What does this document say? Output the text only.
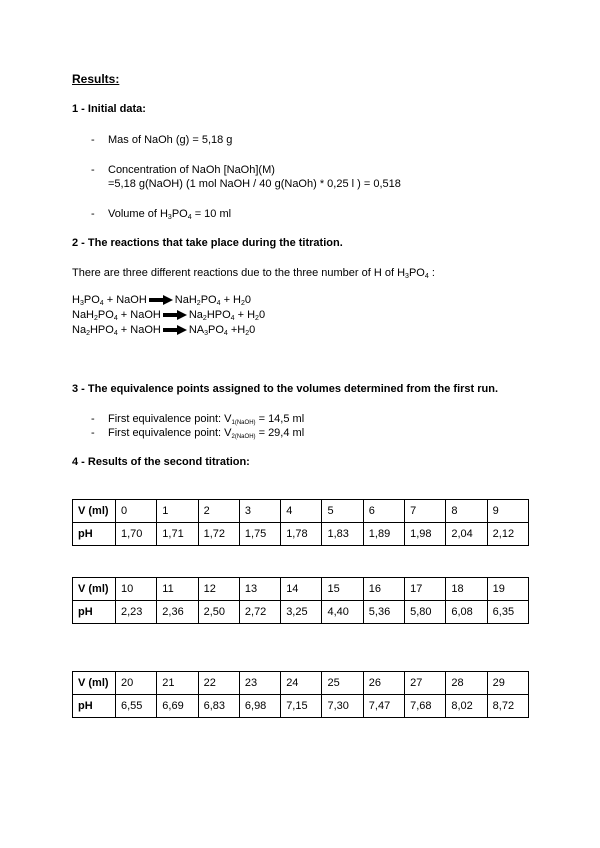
Results:
1 - Initial data:
- Mas of NaOh (g) = 5,18 g
- Concentration of NaOh [NaOh](M)
=5,18 g(NaOH) (1 mol NaOH / 40 g(NaOh) * 0,25 l ) = 0,518
- Volume of $H_3PO_4 = 10$ ml
2 - The reactions that take place during the titration.
There are three different reactions due to the three number of H of $H_3PO_4$ :
$H_3PO_4$ + NaOH → $NaH_2PO_4 + H_20$
$NaH_2PO_4$ + NaOH → $Na_2HPO_4 + H_20$
$Na_2HPO_4$ + NaOH → $NA_3PO_4 +H_20$
3 - The equivalence points assigned to the volumes determined from the first run.
- First equivalence point: $V_{1(NaOH)} = 14,5$ ml
- First equivalence point: $V_{2(NaOH)} = 29,4$ ml
4 - Results of the second titration:
V (ml)	0	1	2	3	4	5	6	7	8	9
pH	1,70	1,71	1,72	1,75	1,78	1,83	1,89	1,98	2,04	2,12
V (ml)	10	11	12	13	14	15	16	17	18	19
pH	2,23	2,36	2,50	2,72	3,25	4,40	5,36	5,80	6,08	6,35
V (ml)	20	21	22	23	24	25	26	27	28	29
pH	6,55	6,69	6,83	6,98	7,15	7,30	7,47	7,68	8,02	8,72
